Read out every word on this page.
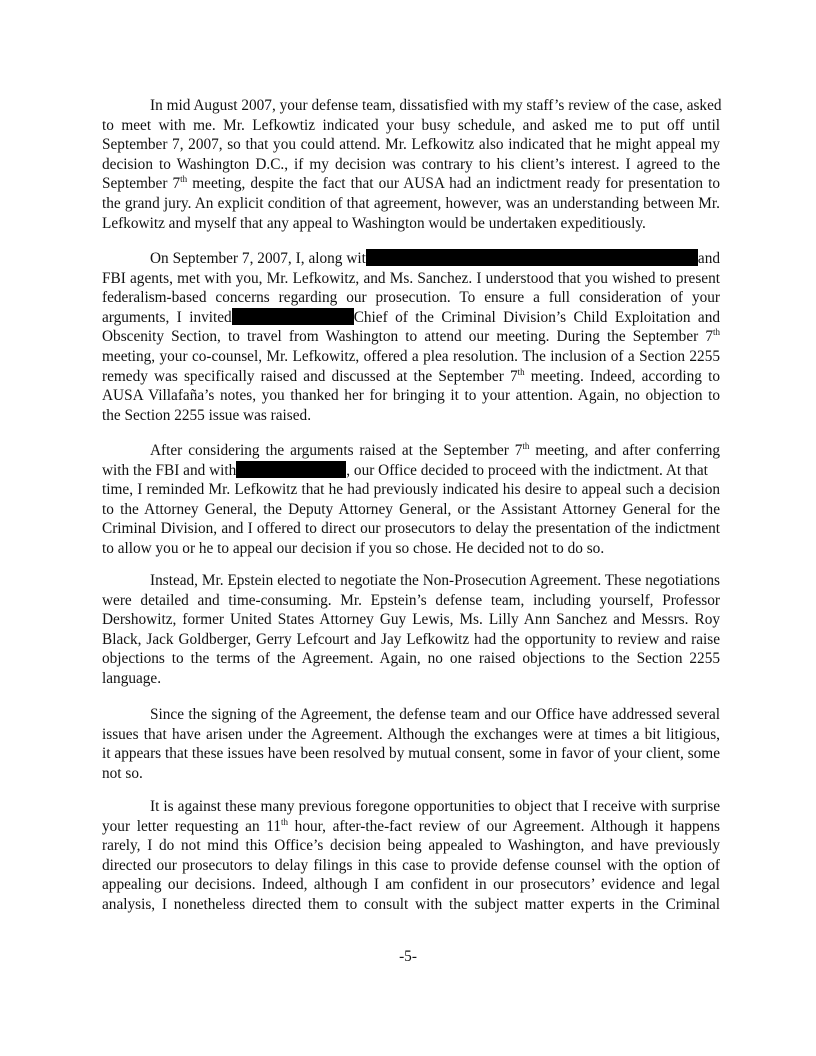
In mid August 2007, your defense team, dissatisfied with my staff’s review of the case, asked
to meet with me. Mr. Lefkowtiz indicated your busy schedule, and asked me to put off until
September 7, 2007, so that you could attend. Mr. Lefkowitz also indicated that he might appeal my
decision to Washington D.C., if my decision was contrary to his client’s interest. I agreed to the
September 7th meeting, despite the fact that our AUSA had an indictment ready for presentation to
the grand jury. An explicit condition of that agreement, however, was an understanding between Mr.
Lefkowitz and myself that any appeal to Washington would be undertaken expeditiously.
On September 7, 2007, I, along wit	and
FBI agents, met with you, Mr. Lefkowitz, and Ms. Sanchez. I understood that you wished to present
federalism-based concerns regarding our prosecution. To ensure a full consideration of your
arguments, I invited	Chief of the Criminal Division’s Child Exploitation and
Obscenity Section, to travel from Washington to attend our meeting. During the September 7th
meeting, your co-counsel, Mr. Lefkowitz, offered a plea resolution. The inclusion of a Section 2255
remedy was specifically raised and discussed at the September 7th meeting. Indeed, according to
AUSA Villafaña’s notes, you thanked her for bringing it to your attention. Again, no objection to
the Section 2255 issue was raised.
After considering the arguments raised at the September 7th meeting, and after conferring
with the FBI and with	, our Office decided to proceed with the indictment. At that
time, I reminded Mr. Lefkowitz that he had previously indicated his desire to appeal such a decision
to the Attorney General, the Deputy Attorney General, or the Assistant Attorney General for the
Criminal Division, and I offered to direct our prosecutors to delay the presentation of the indictment
to allow you or he to appeal our decision if you so chose. He decided not to do so.
Instead, Mr. Epstein elected to negotiate the Non-Prosecution Agreement. These negotiations
were detailed and time-consuming. Mr. Epstein’s defense team, including yourself, Professor
Dershowitz, former United States Attorney Guy Lewis, Ms. Lilly Ann Sanchez and Messrs. Roy
Black, Jack Goldberger, Gerry Lefcourt and Jay Lefkowitz had the opportunity to review and raise
objections to the terms of the Agreement. Again, no one raised objections to the Section 2255
language.
Since the signing of the Agreement, the defense team and our Office have addressed several
issues that have arisen under the Agreement. Although the exchanges were at times a bit litigious,
it appears that these issues have been resolved by mutual consent, some in favor of your client, some
not so.
It is against these many previous foregone opportunities to object that I receive with surprise
your letter requesting an 11th hour, after-the-fact review of our Agreement. Although it happens
rarely, I do not mind this Office’s decision being appealed to Washington, and have previously
directed our prosecutors to delay filings in this case to provide defense counsel with the option of
appealing our decisions. Indeed, although I am confident in our prosecutors’ evidence and legal
analysis, I nonetheless directed them to consult with the subject matter experts in the Criminal
-5-
